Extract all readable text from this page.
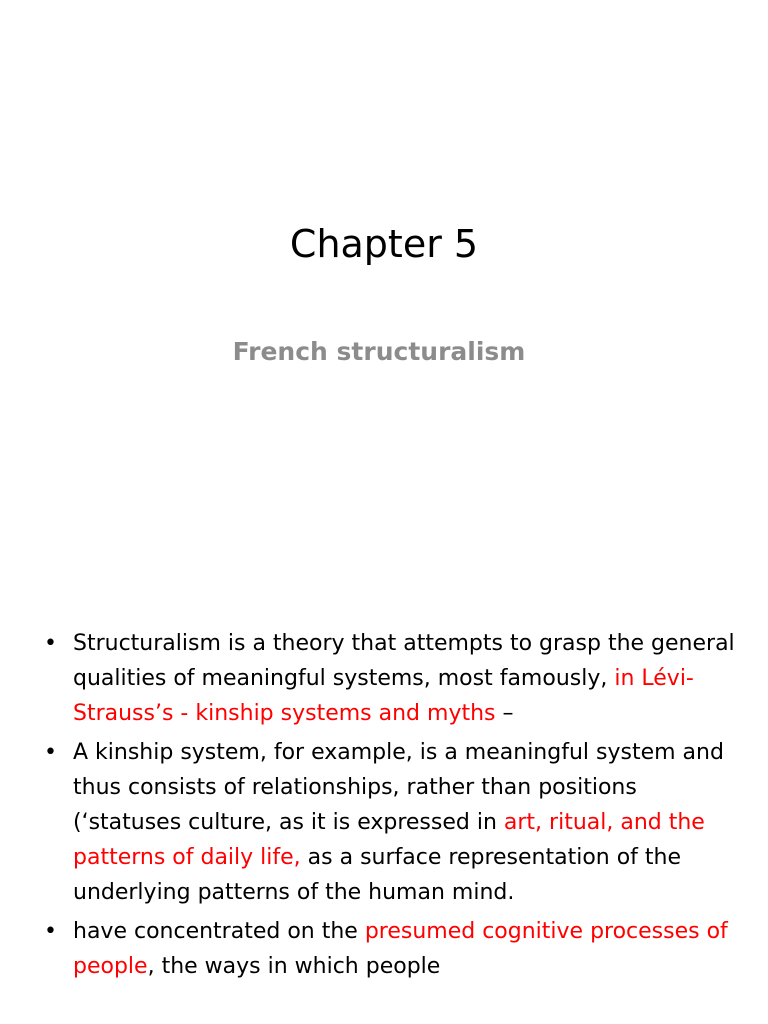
Chapter 5
French structuralism
• Structuralism is a theory that attempts to grasp the general qualities of meaningful systems, most famously, in Lévi-Strauss’s - kinship systems and myths –
• A kinship system, for example, is a meaningful system and thus consists of relationships, rather than positions (‘statuses culture, as it is expressed in art, ritual, and the patterns of daily life, as a surface representation of the underlying patterns of the human mind.
• have concentrated on the presumed cognitive processes of people, the ways in which people
